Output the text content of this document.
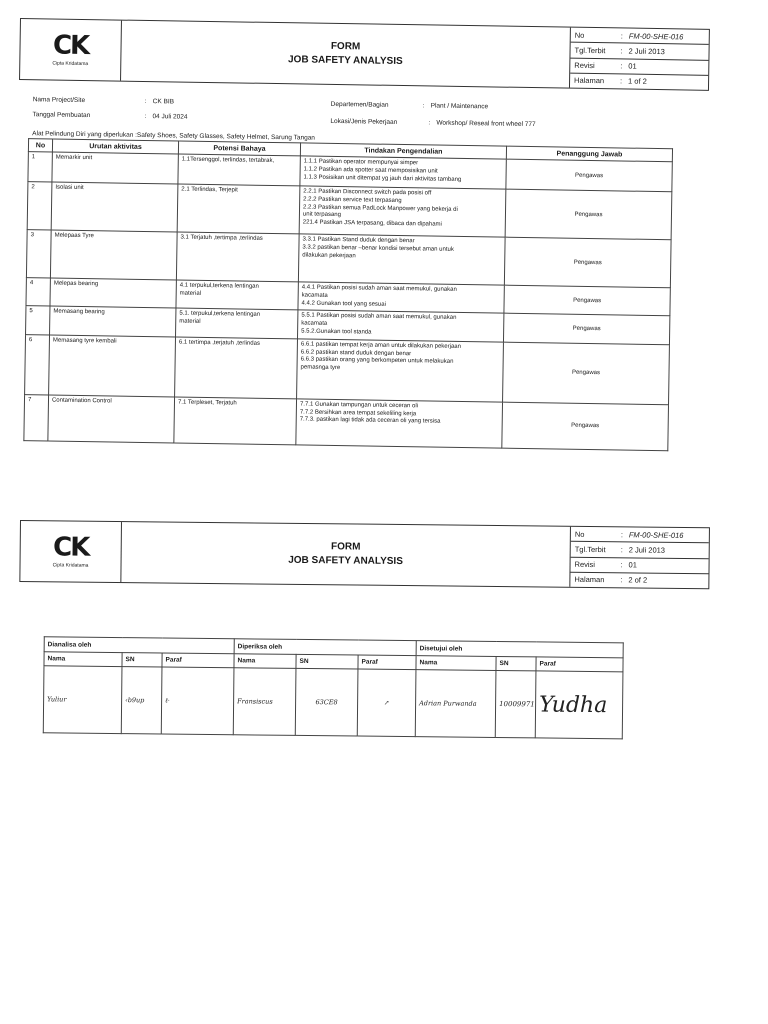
CK
Cipta Kridatama
FORM
JOB SAFETY ANALYSIS
No	: FM-00-SHE-016
Tgl.Terbit	: 2 Juli 2013
Revisi	: 01
Halaman	: 1 of 2
Nama Project/Site	: CK BIB
Tanggal Pembuatan	: 04 Juli 2024
Departemen/Bagian	: Plant / Maintenance
Lokasi/Jenis Pekerjaan	: Workshop/ Reseal front wheel 777
Alat Pelindung Diri yang diperlukan :Safety Shoes, Safety Glasses, Safety Helmet, Sarung Tangan
No	Urutan aktivitas	Potensi Bahaya	Tindakan Pengendalian	Penanggung Jawab
1	Memarkir unit	1.1Tersenggol, terlindas, tertabrak,	1.1.1 Pastikan operator mempunyai simper
1.1.2 Pastikan ada spotter saat memposisikan unit
1.1.3 Posisikan unit ditempat yg jauh dari aktivitas tambang	Pengawas
2	Isolasi unit	2.1 Terlindas, Terjepit	2.2.1 Pastikan Disconnect switch pada posisi off
2.2.2 Pastikan service text terpasang
2.2.3 Pastikan semua PadLock Manpower yang bekerja di
unit terpasang
221.4 Pastikan JSA terpasang, dibaca dan dipahami	Pengawas
3	Melepaas Tyre	3.1 Terjatuh ,tertimpa ,terlindas	3.3.1 Pastikan Stand duduk dengan benar
3.3.2 pastikan benar –benar kondisi tersebut aman untuk
dilakukan pekerjaan	Pengawas
4	Melepas bearing	4.1 terpukul,terkena lentingan
material	4.4.1 Pastikan posisi sudah aman saat memukul, gunakan
kacamata
4.4.2 Gunakan tool yang sesuai	Pengawas
5	Memasang bearing	5.1. terpukul,terkena lentingan
material	5.5.1 Pastikan posisi sudah aman saat memukul, gunakan
kacamata
5.5.2.Gunakan tool standa	Pengawas
6	Memasang tyre kembali	6.1 tertimpa ,terjatuh ,terlindas	6.6.1 pastikan tempat kerja aman untuk dilakukan pekerjaan
6.6.2 pastikan stand duduk dengan benar
6.6.3 pastikan orang yang berkompeten untuk melakukan
pemasnga tyre	Pengawas
7	Contamination Control	7.1 Terpleset, Terjatuh	7.7.1 Gunakan tampungan untuk ceceran oli
7.7.2 Bersihkan area tempat sekeliling kerja
7.7.3. pastikan lagi tidak ada ceceran oli yang tersisa	Pengawas
CK
Cipta Kridatama
FORM
JOB SAFETY ANALYSIS
No	: FM-00-SHE-016
Tgl.Terbit	: 2 Juli 2013
Revisi	: 01
Halaman	: 2 of 2
Dianalisa oleh			Diperiksa oleh			Disetujui oleh		
Nama	SN	Paraf	Nama	SN	Paraf	Nama	SN	Paraf
Yuliur	‹b9up	ℓ·	Fransiscus	63CE8	↗	Adrian Purwanda	10009971	Yudha
